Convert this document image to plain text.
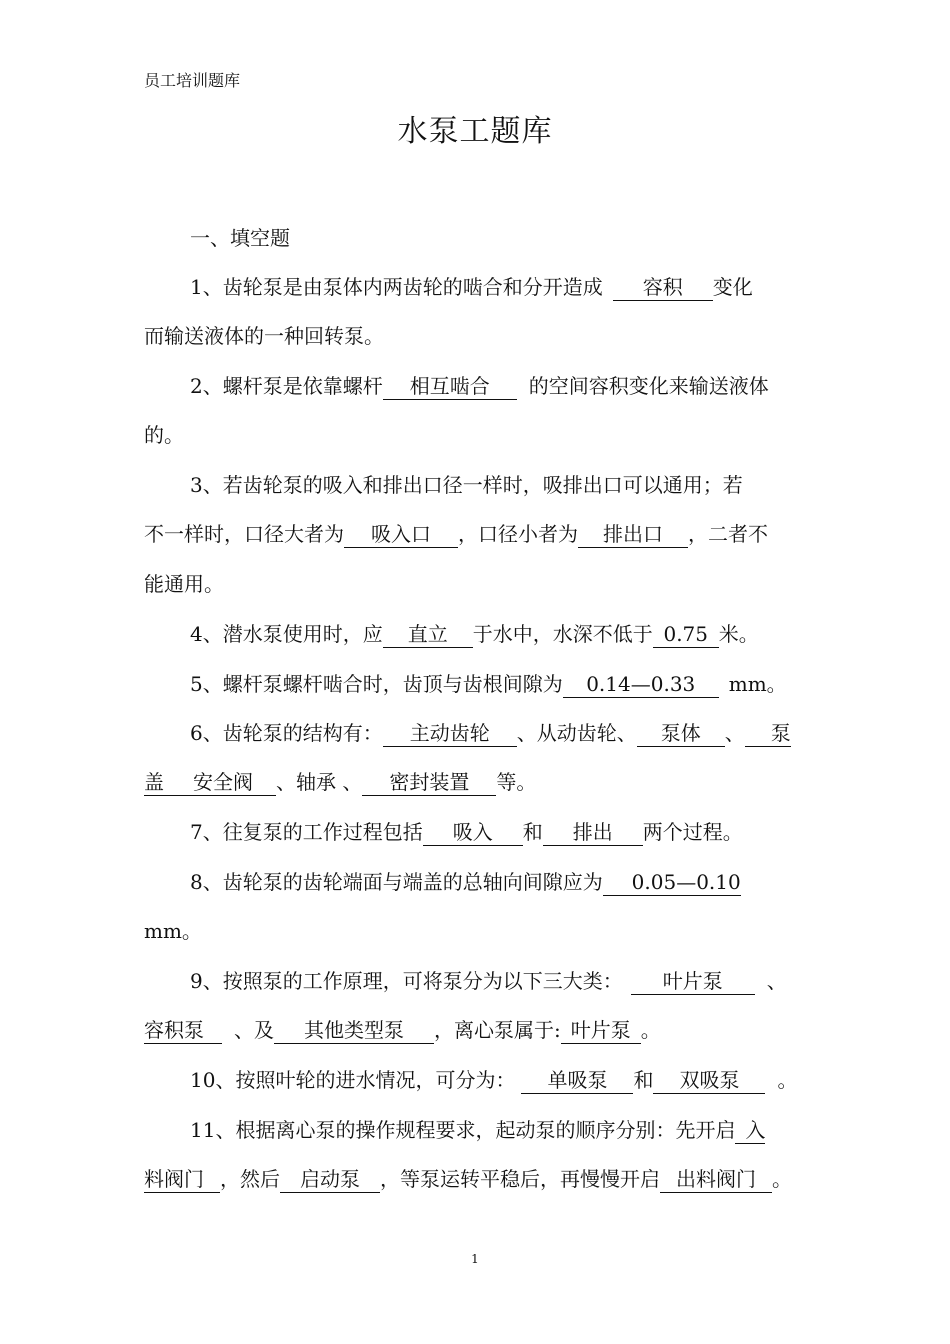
员工培训题库
水泵工题库
一、填空题
1、齿轮泵是由泵体内两齿轮的啮合和分开造成 容积 变化
而输送液体的一种回转泵。
2、螺杆泵是依靠螺杆 相互啮合 的空间容积变化来输送液体
的。
3、若齿轮泵的吸入和排出口径一样时，吸排出口可以通用；若
不一样时，口径大者为 吸入口 ，口径小者为 排出口 ，二者不
能通用。
4、潜水泵使用时，应 直立 于水中，水深不低于 0.75 米。
5、螺杆泵螺杆啮合时，齿顶与齿根间隙为 0.14—0.33 mm。
6、齿轮泵的结构有： 主动齿轮 、从动齿轮、 泵体 、 泵
盖 安全阀 、轴承 、 密封装置 等。
7、往复泵的工作过程包括 吸入 和 排出 两个过程。
8、齿轮泵的齿轮端面与端盖的总轴向间隙应为 0.05—0.10
mm。
9、按照泵的工作原理，可将泵分为以下三大类： 叶片泵 、
容积泵 、及 其他类型泵 ，离心泵属于: 叶片泵 。
10、按照叶轮的进水情况，可分为： 单吸泵 和 双吸泵 。
11、根据离心泵的操作规程要求，起动泵的顺序分别：先开启 入
料阀门 ，然后 启动泵 ，等泵运转平稳后，再慢慢开启 出料阀门 。
1
